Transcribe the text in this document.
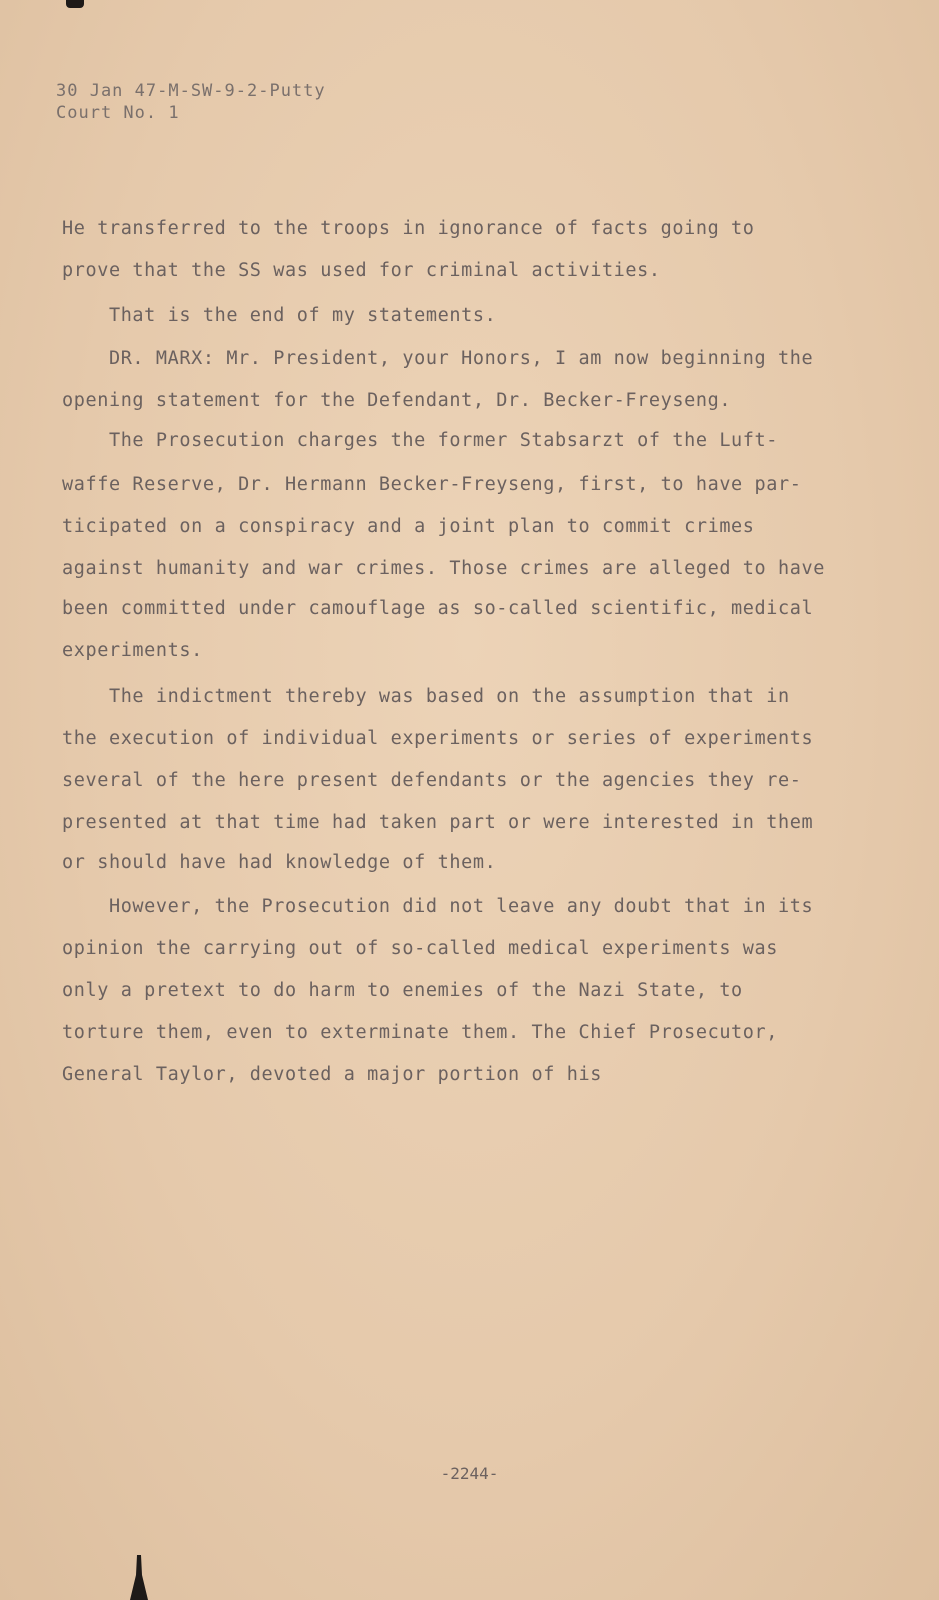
30 Jan 47-M-SW-9-2-Putty
Court No. 1
He transferred to the troops in ignorance of facts going to
prove that the SS was used for criminal activities.
That is the end of my statements.
DR. MARX: Mr. President, your Honors, I am now beginning the
opening statement for the Defendant, Dr. Becker-Freyseng.
The Prosecution charges the former Stabsarzt of the Luft-
waffe Reserve, Dr. Hermann Becker-Freyseng, first, to have par-
ticipated on a conspiracy and a joint plan to commit crimes
against humanity and war crimes. Those crimes are alleged to have
been committed under camouflage as so-called scientific, medical
experiments.
The indictment thereby was based on the assumption that in
the execution of individual experiments or series of experiments
several of the here present defendants or the agencies they re-
presented at that time had taken part or were interested in them
or should have had knowledge of them.
However, the Prosecution did not leave any doubt that in its
opinion the carrying out of so-called medical experiments was
only a pretext to do harm to enemies of the Nazi State, to
torture them, even to exterminate them. The Chief Prosecutor,
General Taylor, devoted a major portion of his
-2244-
